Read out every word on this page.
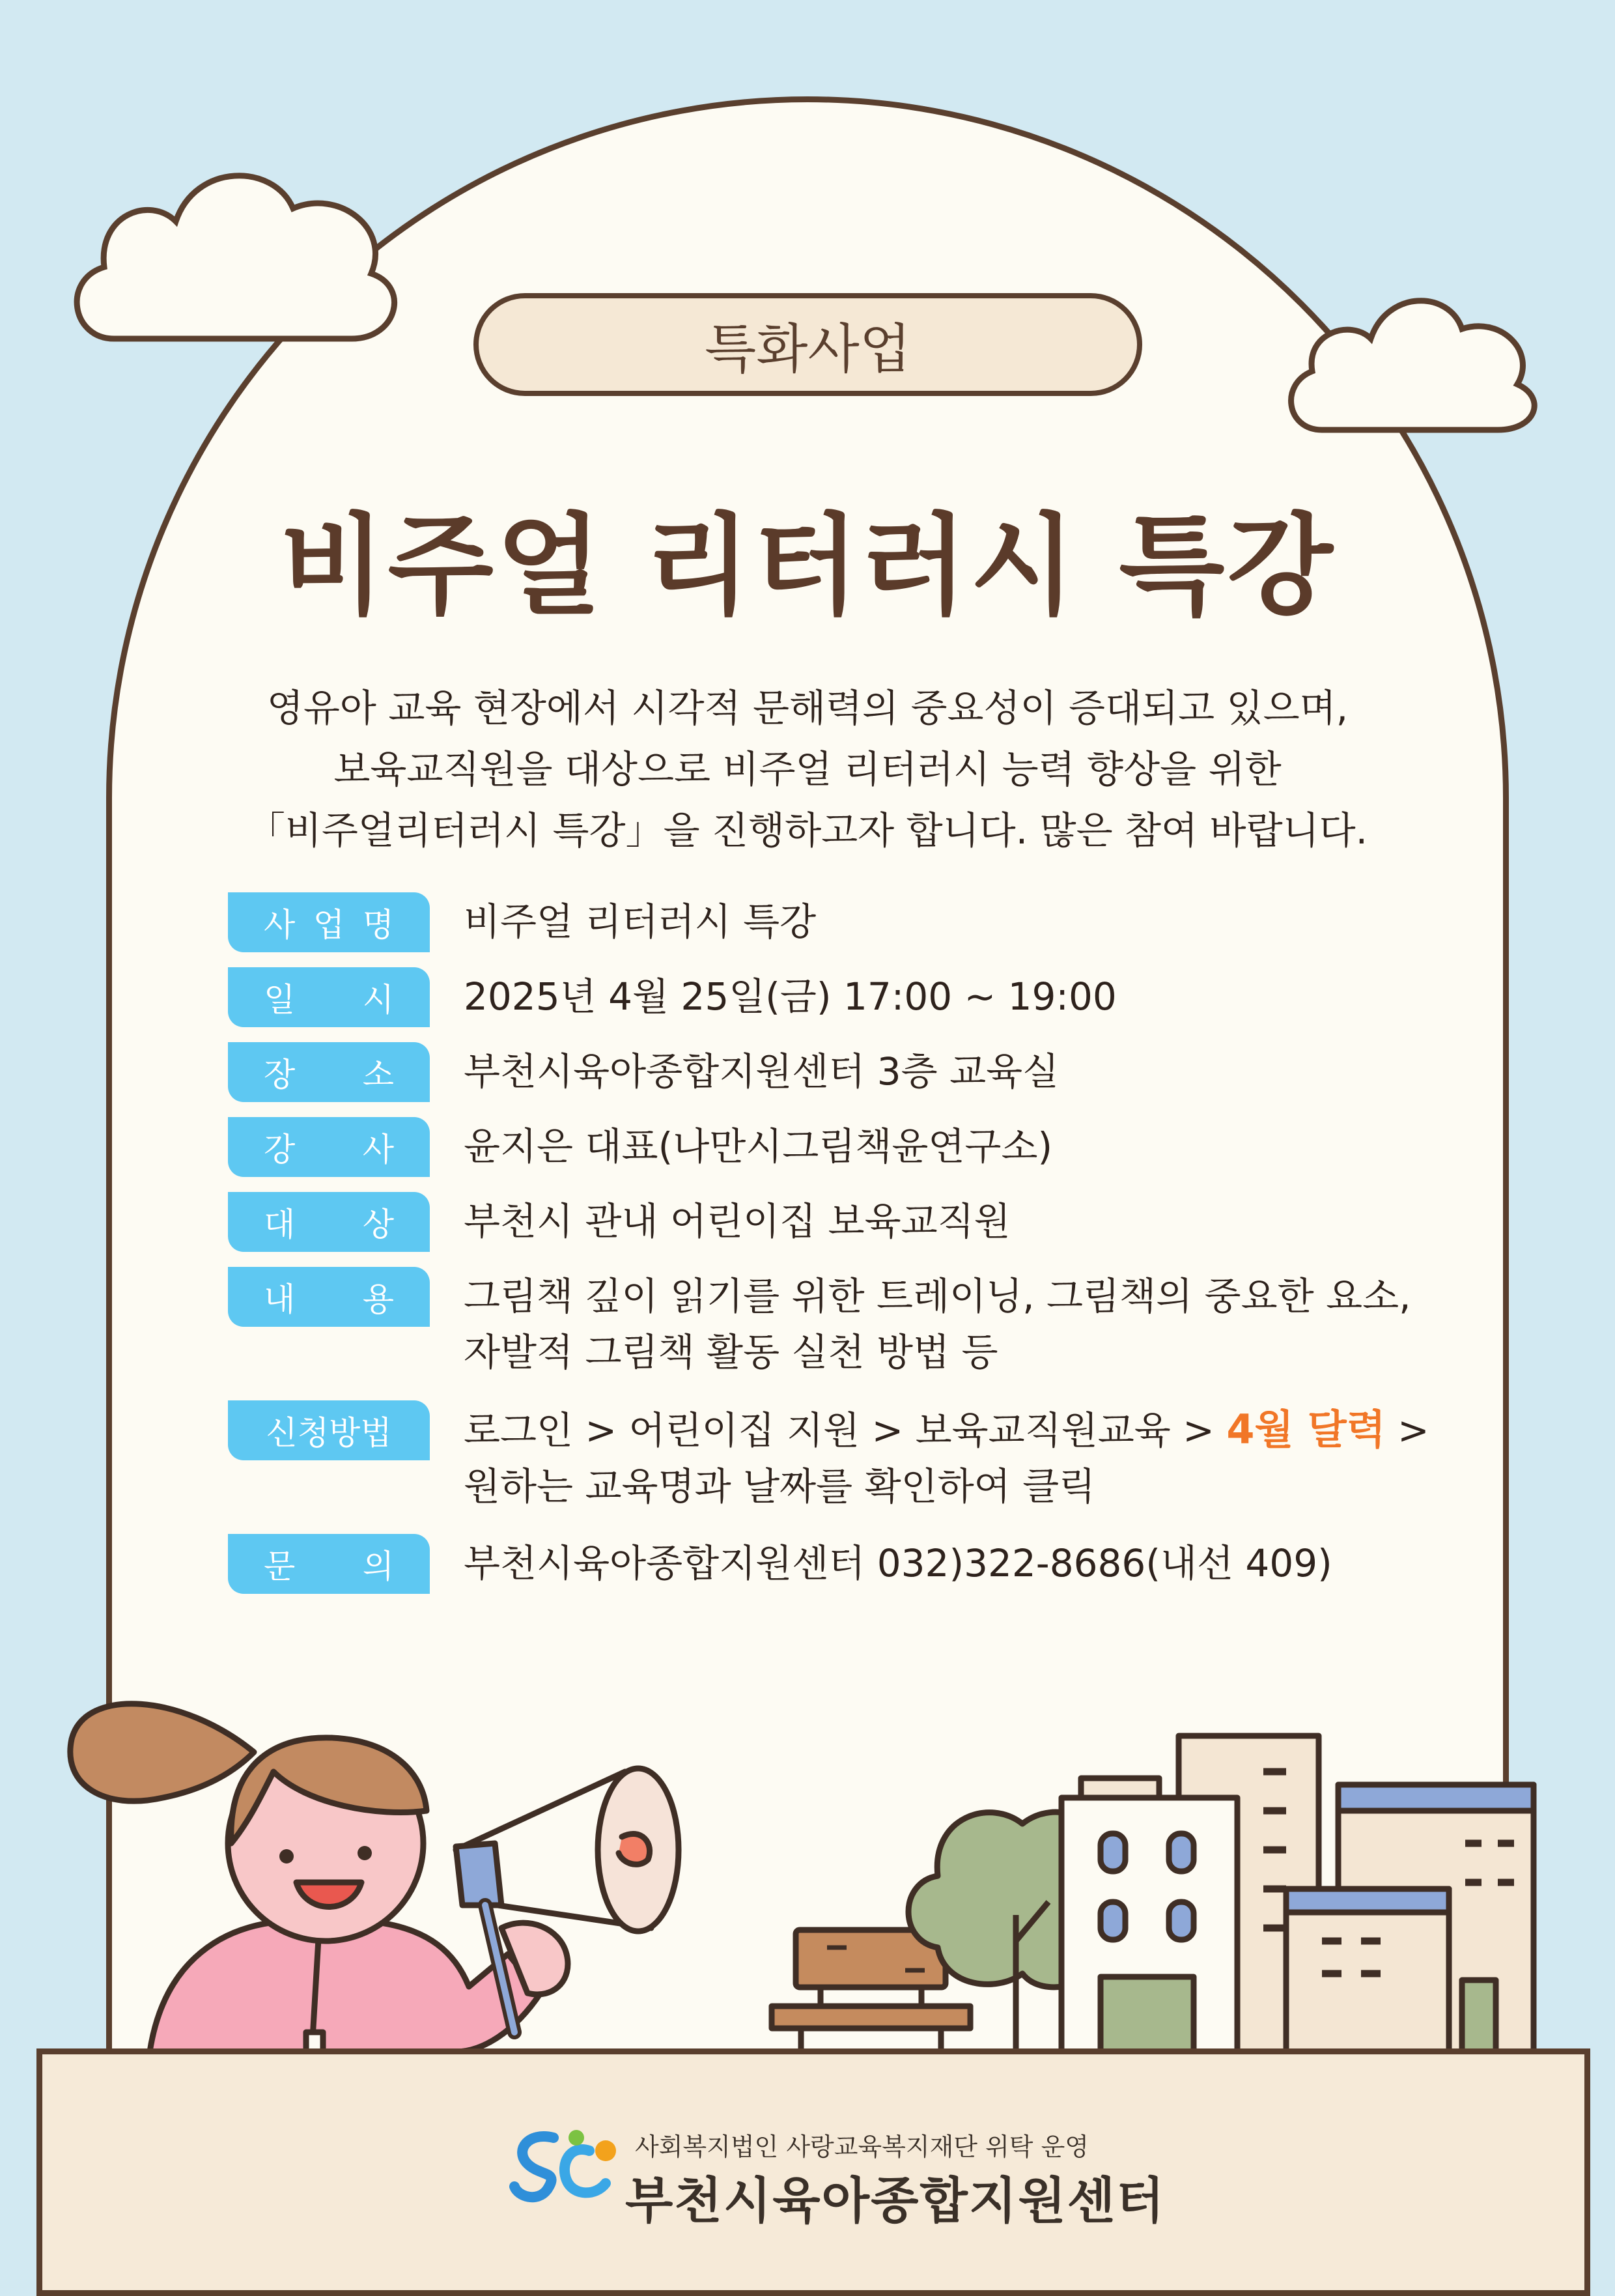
특화사업
비주얼 리터러시 특강
영유아 교육 현장에서 시각적 문해력의 중요성이 증대되고 있으며,
보육교직원을 대상으로 비주얼 리터러시 능력 향상을 위한
「비주얼리터러시 특강」을 진행하고자 합니다. 많은 참여 바랍니다.
사 업 명 비주얼 리터러시 특강
일 시 2025년 4월 25일(금) 17:00 ~ 19:00
장 소 부천시육아종합지원센터 3층 교육실
강 사 윤지은 대표(나만시그림책윤연구소)
대 상 부천시 관내 어린이집 보육교직원
내 용 그림책 깊이 읽기를 위한 트레이닝, 그림책의 중요한 요소,
자발적 그림책 활동 실천 방법 등
신청방법	로그인 > 어린이집 지원 > 보육교직원교육 > 4월 달력 >
원하는 교육명과 날짜를 확인하여 클릭
문 의 부천시육아종합지원센터 032)322-8686(내선 409)
사회복지법인 사랑교육복지재단 위탁 운영
부천시육아종합지원센터
